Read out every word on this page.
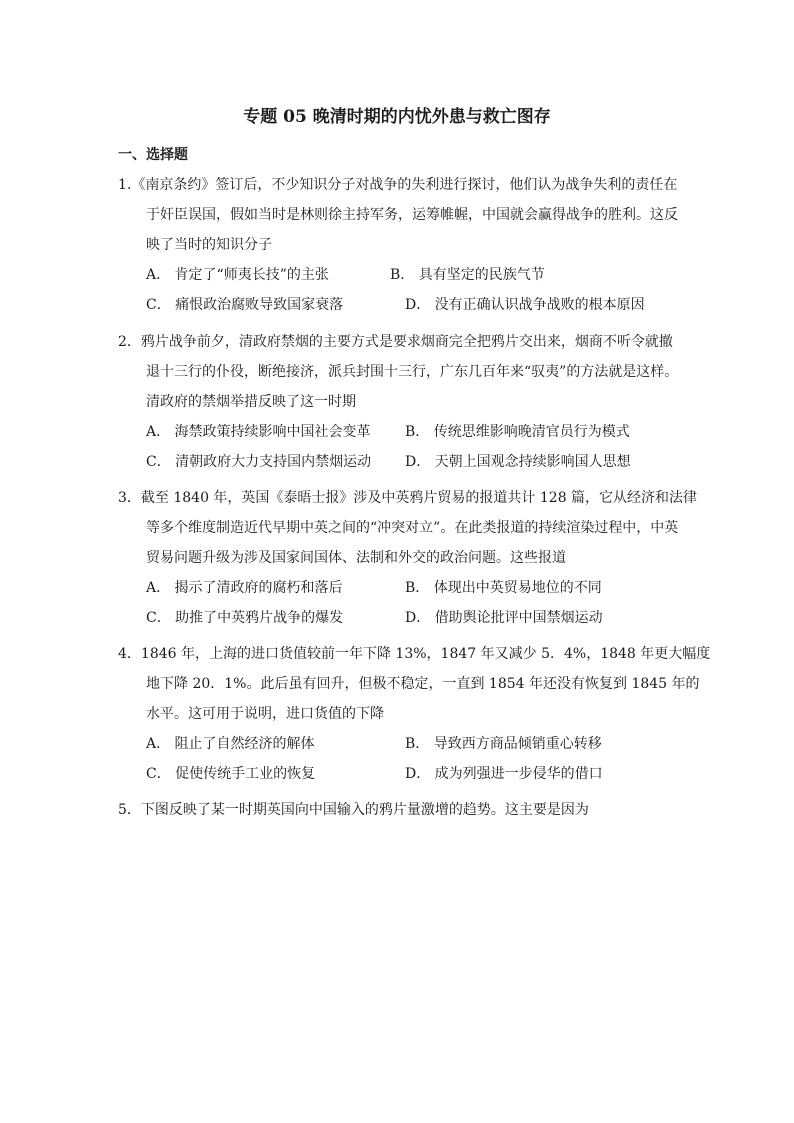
专题 05 晚清时期的内忧外患与救亡图存
一、选择题
1.《南京条约》签订后，不少知识分子对战争的失利进行探讨，他们认为战争失利的责任在
于奸臣误国，假如当时是林则徐主持军务，运筹帷幄，中国就会赢得战争的胜利。这反
映了当时的知识分子
A． 肯定了“师夷长技”的主张	B． 具有坚定的民族气节
C． 痛恨政治腐败导致国家衰落	D． 没有正确认识战争战败的根本原因
2．鸦片战争前夕，清政府禁烟的主要方式是要求烟商完全把鸦片交出来，烟商不听令就撤
退十三行的仆役，断绝接济，派兵封围十三行，广东几百年来“驭夷”的方法就是这样。
清政府的禁烟举措反映了这一时期
A． 海禁政策持续影响中国社会变革 B． 传统思维影响晚清官员行为模式
C． 清朝政府大力支持国内禁烟运动 D． 天朝上国观念持续影响国人思想
3．截至 1840 年，英国《泰晤士报》涉及中英鸦片贸易的报道共计 128 篇，它从经济和法律
等多个维度制造近代早期中英之间的“冲突对立”。在此类报道的持续渲染过程中，中英
贸易问题升级为涉及国家间国体、法制和外交的政治问题。这些报道
A． 揭示了清政府的腐朽和落后	B． 体现出中英贸易地位的不同
C． 助推了中英鸦片战争的爆发	D． 借助舆论批评中国禁烟运动
4．1846 年，上海的进口货值较前一年下降 13%，1847 年又减少 5．4%，1848 年更大幅度
地下降 20．1%。此后虽有回升，但极不稳定，一直到 1854 年还没有恢复到 1845 年的
水平。这可用于说明，进口货值的下降
A． 阻止了自然经济的解体	B． 导致西方商品倾销重心转移
C． 促使传统手工业的恢复	D． 成为列强进一步侵华的借口
5．下图反映了某一时期英国向中国输入的鸦片量激增的趋势。这主要是因为
